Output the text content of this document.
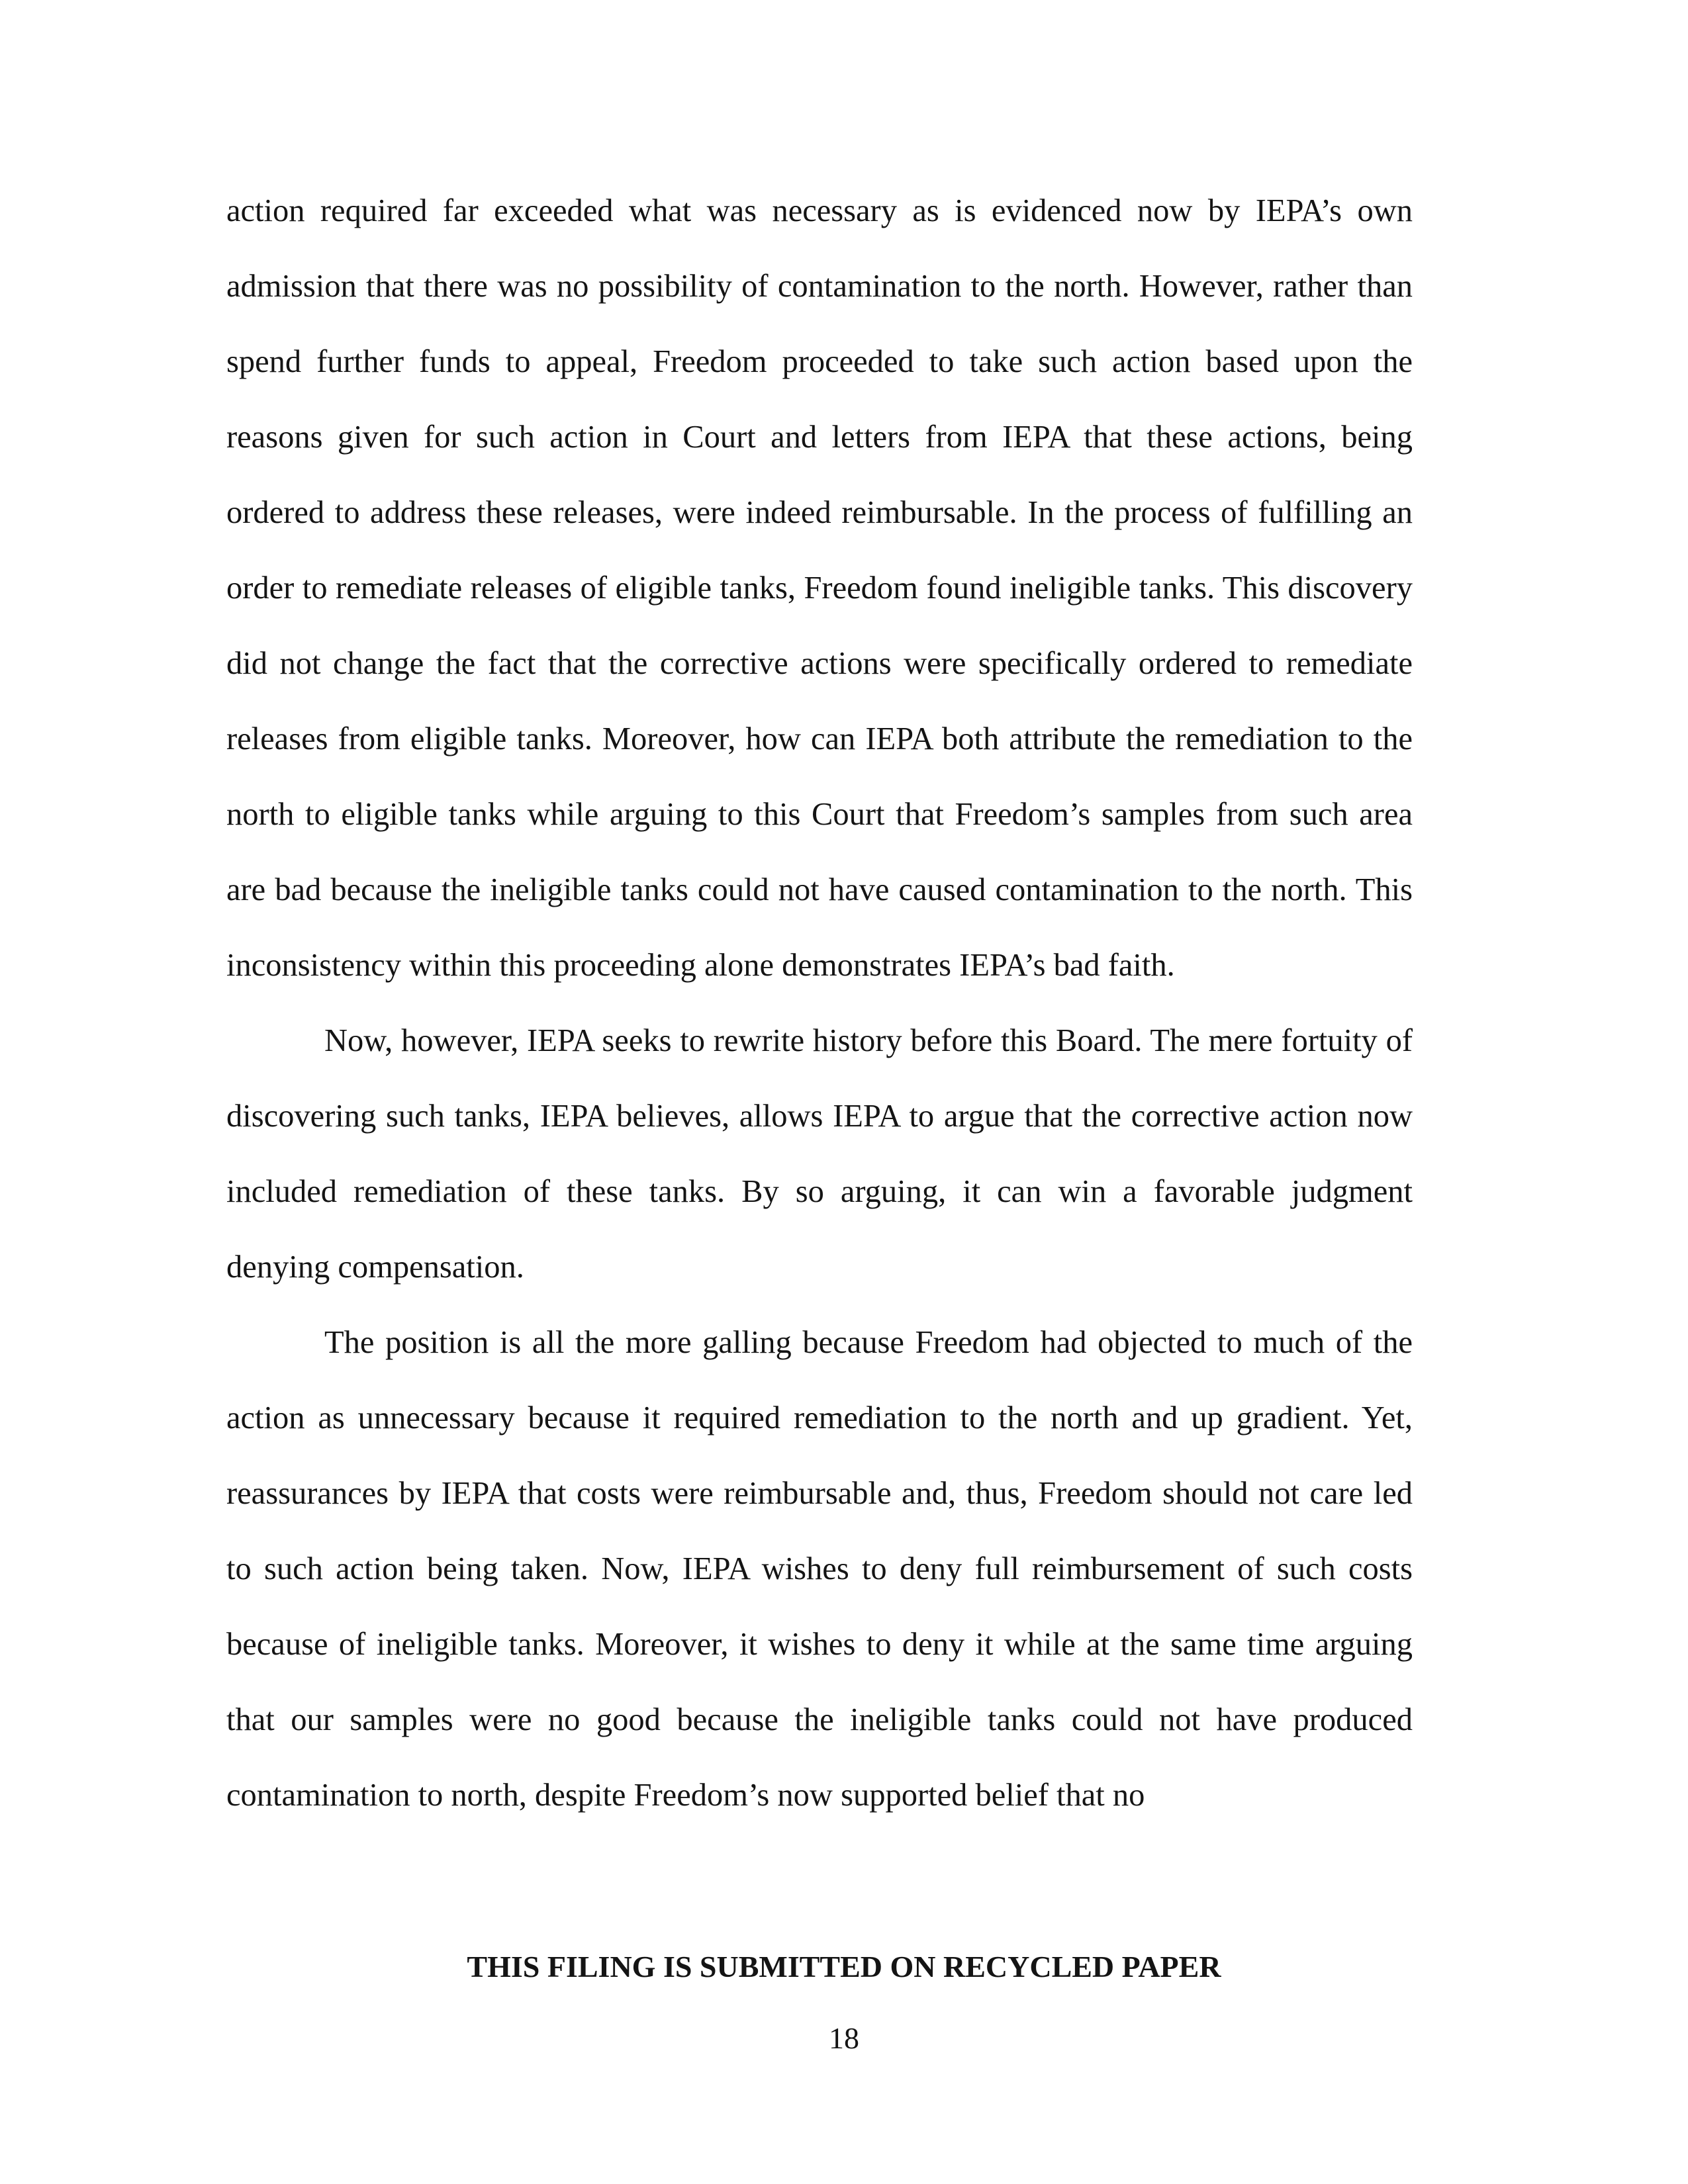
action required far exceeded what was necessary as is evidenced now by IEPA’s own admission that there was no possibility of contamination to the north. However, rather than spend further funds to appeal, Freedom proceeded to take such action based upon the reasons given for such action in Court and letters from IEPA that these actions, being ordered to address these releases, were indeed reimbursable. In the process of fulfilling an order to remediate releases of eligible tanks, Freedom found ineligible tanks. This discovery did not change the fact that the corrective actions were specifically ordered to remediate releases from eligible tanks. Moreover, how can IEPA both attribute the remediation to the north to eligible tanks while arguing to this Court that Freedom’s samples from such area are bad because the ineligible tanks could not have caused contamination to the north. This inconsistency within this proceeding alone demonstrates IEPA’s bad faith.

Now, however, IEPA seeks to rewrite history before this Board. The mere fortuity of discovering such tanks, IEPA believes, allows IEPA to argue that the corrective action now included remediation of these tanks. By so arguing, it can win a favorable judgment denying compensation.

The position is all the more galling because Freedom had objected to much of the action as unnecessary because it required remediation to the north and up gradient. Yet, reassurances by IEPA that costs were reimbursable and, thus, Freedom should not care led to such action being taken. Now, IEPA wishes to deny full reimbursement of such costs because of ineligible tanks. Moreover, it wishes to deny it while at the same time arguing that our samples were no good because the ineligible tanks could not have produced contamination to north, despite Freedom’s now supported belief that no

THIS FILING IS SUBMITTED ON RECYCLED PAPER
18
